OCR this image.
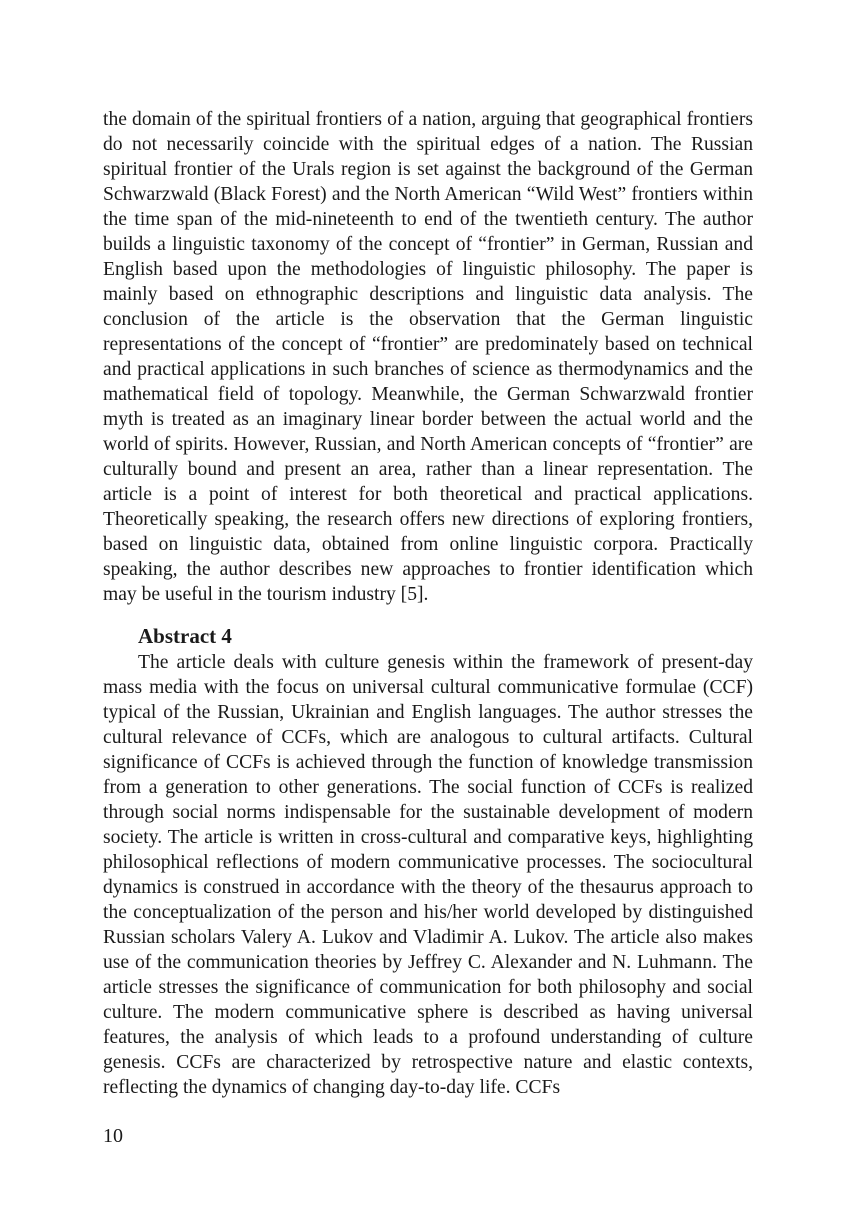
the domain of the spiritual frontiers of a nation, arguing that geographical frontiers do not necessarily coincide with the spiritual edges of a nation. The Russian spiritual frontier of the Urals region is set against the background of the German Schwarzwald (Black Forest) and the North American “Wild West” frontiers within the time span of the mid-nineteenth to end of the twentieth century. The author builds a linguistic taxonomy of the concept of “frontier” in German, Russian and English based upon the methodologies of linguistic philosophy. The paper is mainly based on ethnographic descriptions and linguistic data analysis. The conclusion of the article is the observation that the German linguistic representations of the concept of “frontier” are predominately based on technical and practical applications in such branches of science as thermodynamics and the mathematical field of topology. Meanwhile, the German Schwarzwald frontier myth is treated as an imaginary linear border between the actual world and the world of spirits. However, Russian, and North American concepts of “frontier” are culturally bound and present an area, rather than a linear representation. The article is a point of interest for both theoretical and practical applications. Theoretically speaking, the research offers new directions of exploring frontiers, based on linguistic data, obtained from online linguistic corpora. Practically speaking, the author describes new approaches to frontier identification which may be useful in the tourism industry [5].

Abstract 4

The article deals with culture genesis within the framework of present-day mass media with the focus on universal cultural communicative formulae (CCF) typical of the Russian, Ukrainian and English languages. The author stresses the cultural relevance of CCFs, which are analogous to cultural artifacts. Cultural significance of CCFs is achieved through the function of knowledge transmission from a generation to other generations. The social function of CCFs is realized through social norms indispensable for the sustainable development of modern society. The article is written in cross-cultural and comparative keys, highlighting philosophical reflections of modern communicative processes. The sociocultural dynamics is construed in accordance with the theory of the thesaurus approach to the conceptualization of the person and his/her world developed by distinguished Russian scholars Valery A. Lukov and Vladimir A. Lukov. The article also makes use of the communication theories by Jeffrey C. Alexander and N. Luhmann. The article stresses the significance of communication for both philosophy and social culture. The modern communicative sphere is described as having universal features, the analysis of which leads to a profound understanding of culture genesis. CCFs are characterized by retrospective nature and elastic contexts, reflecting the dynamics of changing day-to-day life. CCFs

10
